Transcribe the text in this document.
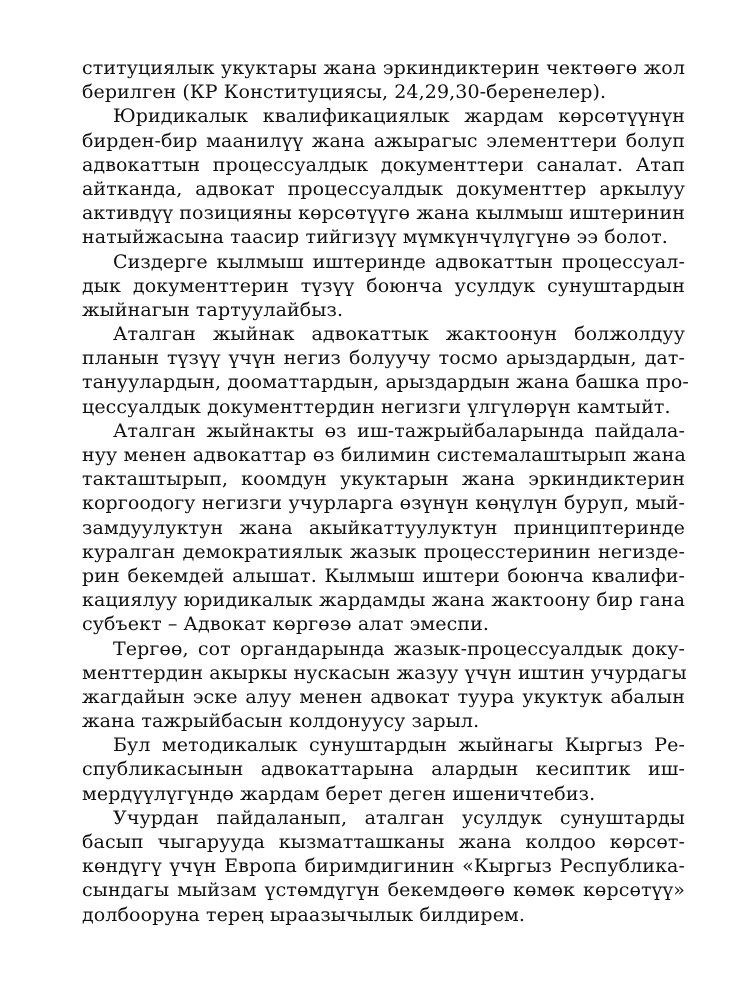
ституциялык укуктары жана эркиндиктерин чектөөгө жол
берилген (КР Конституциясы, 24,29,30-беренелер).
Юридикалык квалификациялык жардам көрсөтүүнүн
бирден-бир маанилүү жана ажырагыс элементтери болуп
адвокаттын процессуалдык документтери саналат. Атап
айтканда, адвокат процессуалдык документтер аркылуу
активдүү позицияны көрсөтүүгө жана кылмыш иштеринин
натыйжасына таасир тийгизүү мүмкүнчүлүгүнө ээ болот.
Сиздерге кылмыш иштеринде адвокаттын процессуал-
дык документтерин түзүү боюнча усулдук сунуштардын
жыйнагын тартуулайбыз.
Аталган жыйнак адвокаттык жактоонун болжолдуу
планын түзүү үчүн негиз болуучу тосмо арыздардын, дат-
тануулардын, дооматтардын, арыздардын жана башка про-
цессуалдык документтердин негизги үлгүлөрүн камтыйт.
Аталган жыйнакты өз иш-тажрыйбаларында пайдала-
нуу менен адвокаттар өз билимин системалаштырып жана
такташтырып, коомдун укуктарын жана эркиндиктерин
коргоодогу негизги учурларга өзүнүн көңүлүн буруп, мый-
замдуулуктун жана акыйкаттуулуктун принциптеринде
куралган демократиялык жазык процесстеринин негизде-
рин бекемдей алышат. Кылмыш иштери боюнча квалифи-
кациялуу юридикалык жардамды жана жактоону бир гана
субъект – Адвокат көргөзө алат эмеспи.
Тергөө, сот органдарында жазык-процессуалдык доку-
менттердин акыркы нускасын жазуу үчүн иштин учурдагы
жагдайын эске алуу менен адвокат туура укуктук абалын
жана тажрыйбасын колдонуусу зарыл.
Бул методикалык сунуштардын жыйнагы Кыргыз Ре-
спубликасынын адвокаттарына алардын кесиптик иш-
мердүүлүгүндө жардам берет деген ишеничтебиз.
Учурдан пайдаланып, аталган усулдук сунуштарды
басып чыгарууда кызматташканы жана колдоо көрсөт-
көндүгү үчүн Европа биримдигинин «Кыргыз Республика-
сындагы мыйзам үстөмдүгүн бекемдөөгө көмөк көрсөтүү»
долбооруна терең ыраазычылык билдирем.
